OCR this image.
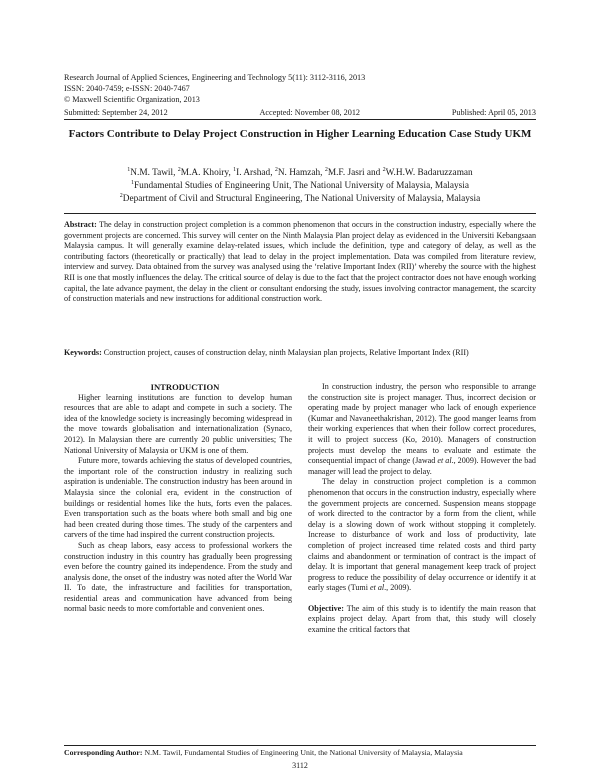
Research Journal of Applied Sciences, Engineering and Technology 5(11): 3112-3116, 2013
ISSN: 2040-7459; e-ISSN: 2040-7467
© Maxwell Scientific Organization, 2013
Submitted: September 24, 2012	Accepted: November 08, 2012	Published: April 05, 2013
Factors Contribute to Delay Project Construction in Higher Learning Education Case Study UKM
$^1$N.M. Tawil, $^2$M.A. Khoiry, $^1$I. Arshad, $^2$N. Hamzah, $^2$M.F. Jasri and $^2$W.H.W. Badaruzzaman
$^1$Fundamental Studies of Engineering Unit, The National University of Malaysia, Malaysia
$^2$Department of Civil and Structural Engineering, The National University of Malaysia, Malaysia
Abstract: The delay in construction project completion is a common phenomenon that occurs in the construction industry, especially where the government projects are concerned. This survey will center on the Ninth Malaysia Plan project delay as evidenced in the Universiti Kebangsaan Malaysia campus. It will generally examine delay-related issues, which include the definition, type and category of delay, as well as the contributing factors (theoretically or practically) that lead to delay in the project implementation. Data was compiled from literature review, interview and survey. Data obtained from the survey was analysed using the ‘relative Important Index (RII)’ whereby the source with the highest RII is one that mostly influences the delay. The critical source of delay is due to the fact that the project contractor does not have enough working capital, the late advance payment, the delay in the client or consultant endorsing the study, issues involving contractor management, the scarcity of construction materials and new instructions for additional construction work.
Keywords: Construction project, causes of construction delay, ninth Malaysian plan projects, Relative Important Index (RII)

INTRODUCTION

Higher learning institutions are function to develop human resources that are able to adapt and compete in such a society. The idea of the knowledge society is increasingly becoming widespread in the move towards globalisation and internationalization (Synaco, 2012). In Malaysian there are currently 20 public universities; The National University of Malaysia or UKM is one of them.

Future more, towards achieving the status of developed countries, the important role of the construction industry in realizing such aspiration is undeniable. The construction industry has been around in Malaysia since the colonial era, evident in the construction of buildings or residential homes like the huts, forts even the palaces. Even transportation such as the boats where both small and big one had been created during those times. The study of the carpenters and carvers of the time had inspired the current construction projects.

Such as cheap labors, easy access to professional workers the construction industry in this country has gradually been progressing even before the country gained its independence. From the study and analysis done, the onset of the industry was noted after the World War II. To date, the infrastructure and facilities for transportation, residential areas and communication have advanced from being normal basic needs to more comfortable and convenient ones.

In construction industry, the person who responsible to arrange the construction site is project manager. Thus, incorrect decision or operating made by project manager who lack of enough experience (Kumar and Navaneethakrishan, 2012). The good manger learns from their working experiences that when their follow correct procedures, it will to project success (Ko, 2010). Managers of construction projects must develop the means to evaluate and estimate the consequential impact of change (Jawad et al., 2009). However the bad manager will lead the project to delay.

The delay in construction project completion is a common phenomenon that occurs in the construction industry, especially where the government projects are concerned. Suspension means stoppage of work directed to the contractor by a form from the client, while delay is a slowing down of work without stopping it completely. Increase to disturbance of work and loss of productivity, late completion of project increased time related costs and third party claims and abandonment or termination of contract is the impact of delay. It is important that general management keep track of project progress to reduce the possibility of delay occurrence or identify it at early stages (Tumi et al., 2009).

Objective: The aim of this study is to identify the main reason that explains project delay. Apart from that, this study will closely examine the critical factors that

Corresponding Author: N.M. Tawil, Fundamental Studies of Engineering Unit, the National University of Malaysia, Malaysia
3112
